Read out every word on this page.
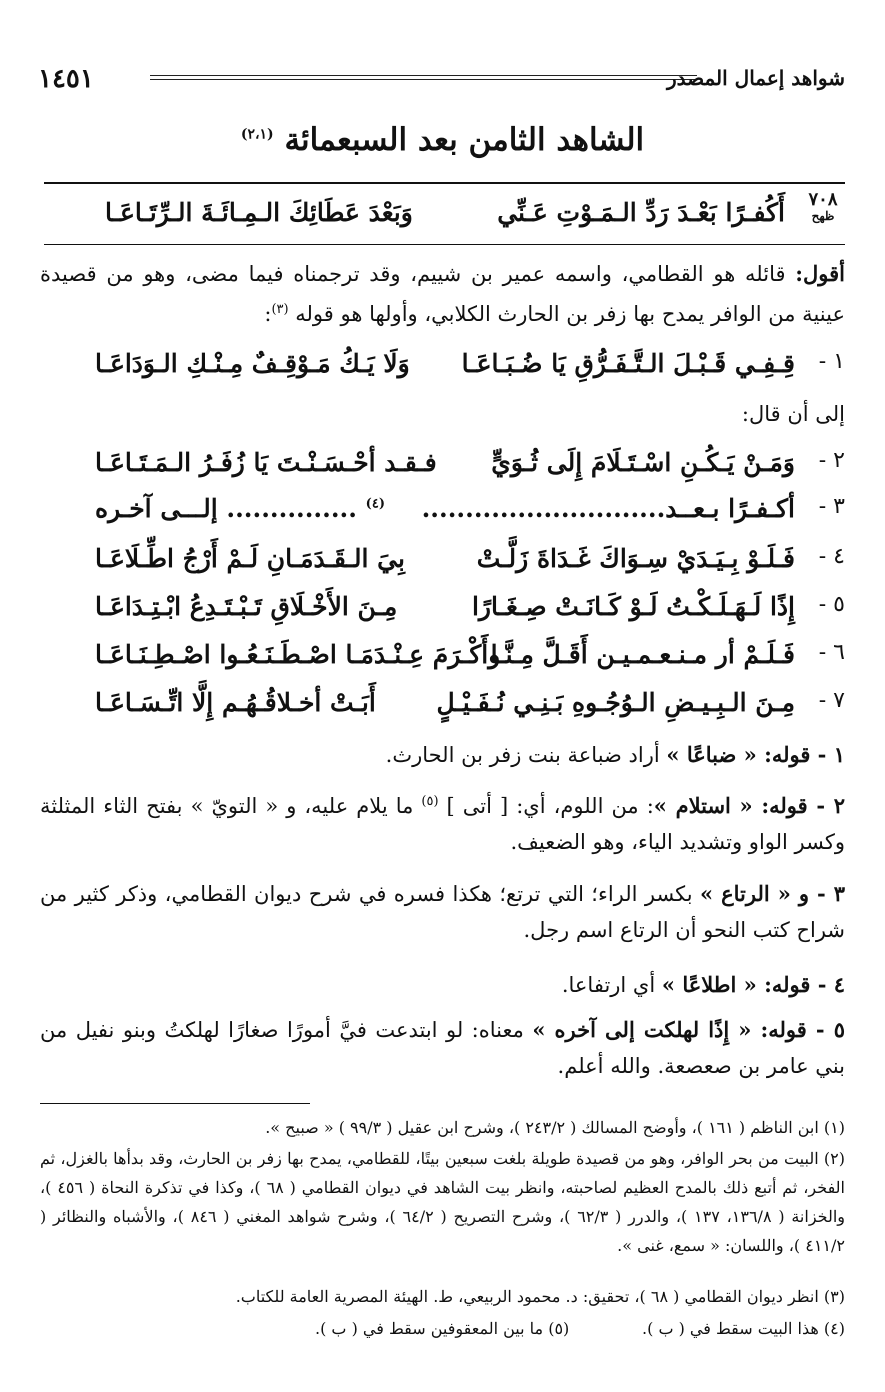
١٤٥١	شواهد إعمال المصدر
الشاهد الثامن بعد السبعمائة $^{(٢،١)}$
٧٠٨
ظهح
أَكُفـرًا بَعْـدَ رَدِّ الـمَـوْتِ عَـنِّي
وَبَعْدَ عَطَائِكَ الـمِـائَـةَ الـرِّتَـاعَـا
أقول: قائله هو القطامي، واسمه عمير بن شييم، وقد ترجمناه فيما مضى، وهو من قصيدة عينية من الوافر يمدح بها زفر بن الحارث الكلابي، وأولها هو قوله $^{(٣)}$:
١ -
قِـفِـي قَـبْـلَ الـتَّـفَـرُّقِ يَا ضُـبَـاعَـا
وَلَا يَـكُ مَـوْقِـفٌ مِـنْـكِ الـوَدَاعَـا
إلى أن قال:
٢ -
وَمَـنْ يَـكُـنِ اسْـتَـلَامَ إِلَى ثُـوَيٍّ
فـقـد أحْـسَـنْـتَ يَا زُفَـرُ الـمَـتَـاعَـا
٣ -
أكـفـرًا بـعــد............................
$^{(٤)}$ ............... إلـــى آخـره
٤ -
فَـلَـوْ بِـيَـدَيْ سِـوَاكَ غَـدَاةَ زَلَّـتْ
بِيَ الـقَـدَمَـانِ لَـمْ أَرْجُ اطِّـلَاعَـا
٥ -
إِذًا لَـهَـلَـكْـتُ لَـوْ كَـانَـتْ صِـغَـارًا
مِـنَ الأَخْـلَاقِ تَـبْـتَـدِعُ ابْـتِـدَاعَـا
٦ -
فَـلَـمْ أر مـنـعـمـيـن أَقَـلَّ مِـنَّـا
وأَكْـرَمَ عِـنْـدَمَـا اصْـطَـنَـعُـوا اصْـطِـنَـاعَـا
٧ -
مِـنَ الـبِـيـضِ الـوُجُـوهِ بَـنِـي نُـفَـيْـلٍ
أَبَـتْ أخـلاقُـهُـم إِلَّا اتِّـسَـاعَـا
١ - قوله: « ضباعًا » أراد ضباعة بنت زفر بن الحارث.
٢ - قوله: « استلام »: من اللوم، أي: [ أتى ] $^{(٥)}$ ما يلام عليه، و « التويّ » بفتح الثاء المثلثة وكسر الواو وتشديد الياء، وهو الضعيف.
٣ - و « الرتاع » بكسر الراء؛ التي ترتع؛ هكذا فسره في شرح ديوان القطامي، وذكر كثير من شراح كتب النحو أن الرتاع اسم رجل.
٤ - قوله: « اطلاعًا » أي ارتفاعا.
٥ - قوله: « إِذًا لهلكت إلى آخره » معناه: لو ابتدعت فيَّ أمورًا صغارًا لهلكتُ وبنو نفيل من بني عامر بن صعصعة. والله أعلم.
(١) ابن الناظم ( ١٦١ )، وأوضح المسالك ( ٢٤٣/٢ )، وشرح ابن عقيل ( ٩٩/٣ ) « صبيح ».
(٢) البيت من بحر الوافر، وهو من قصيدة طويلة بلغت سبعين بيتًا، للقطامي، يمدح بها زفر بن الحارث، وقد بدأها بالغزل، ثم الفخر، ثم أتبع ذلك بالمدح العظيم لصاحبته، وانظر بيت الشاهد في ديوان القطامي ( ٦٨ )، وكذا في تذكرة النحاة ( ٤٥٦ )، والخزانة ( ١٣٦/٨، ١٣٧ )، والدرر ( ٦٢/٣ )، وشرح التصريح ( ٦٤/٢ )، وشرح شواهد المغني ( ٨٤٦ )، والأشباه والنظائر ( ٤١١/٢ )، واللسان: « سمع، غنى ».
(٣) انظر ديوان القطامي ( ٦٨ )، تحقيق: د. محمود الربيعي، ط. الهيئة المصرية العامة للكتاب.
(٤) هذا البيت سقط في ( ب ).
(٥) ما بين المعقوفين سقط في ( ب ).
